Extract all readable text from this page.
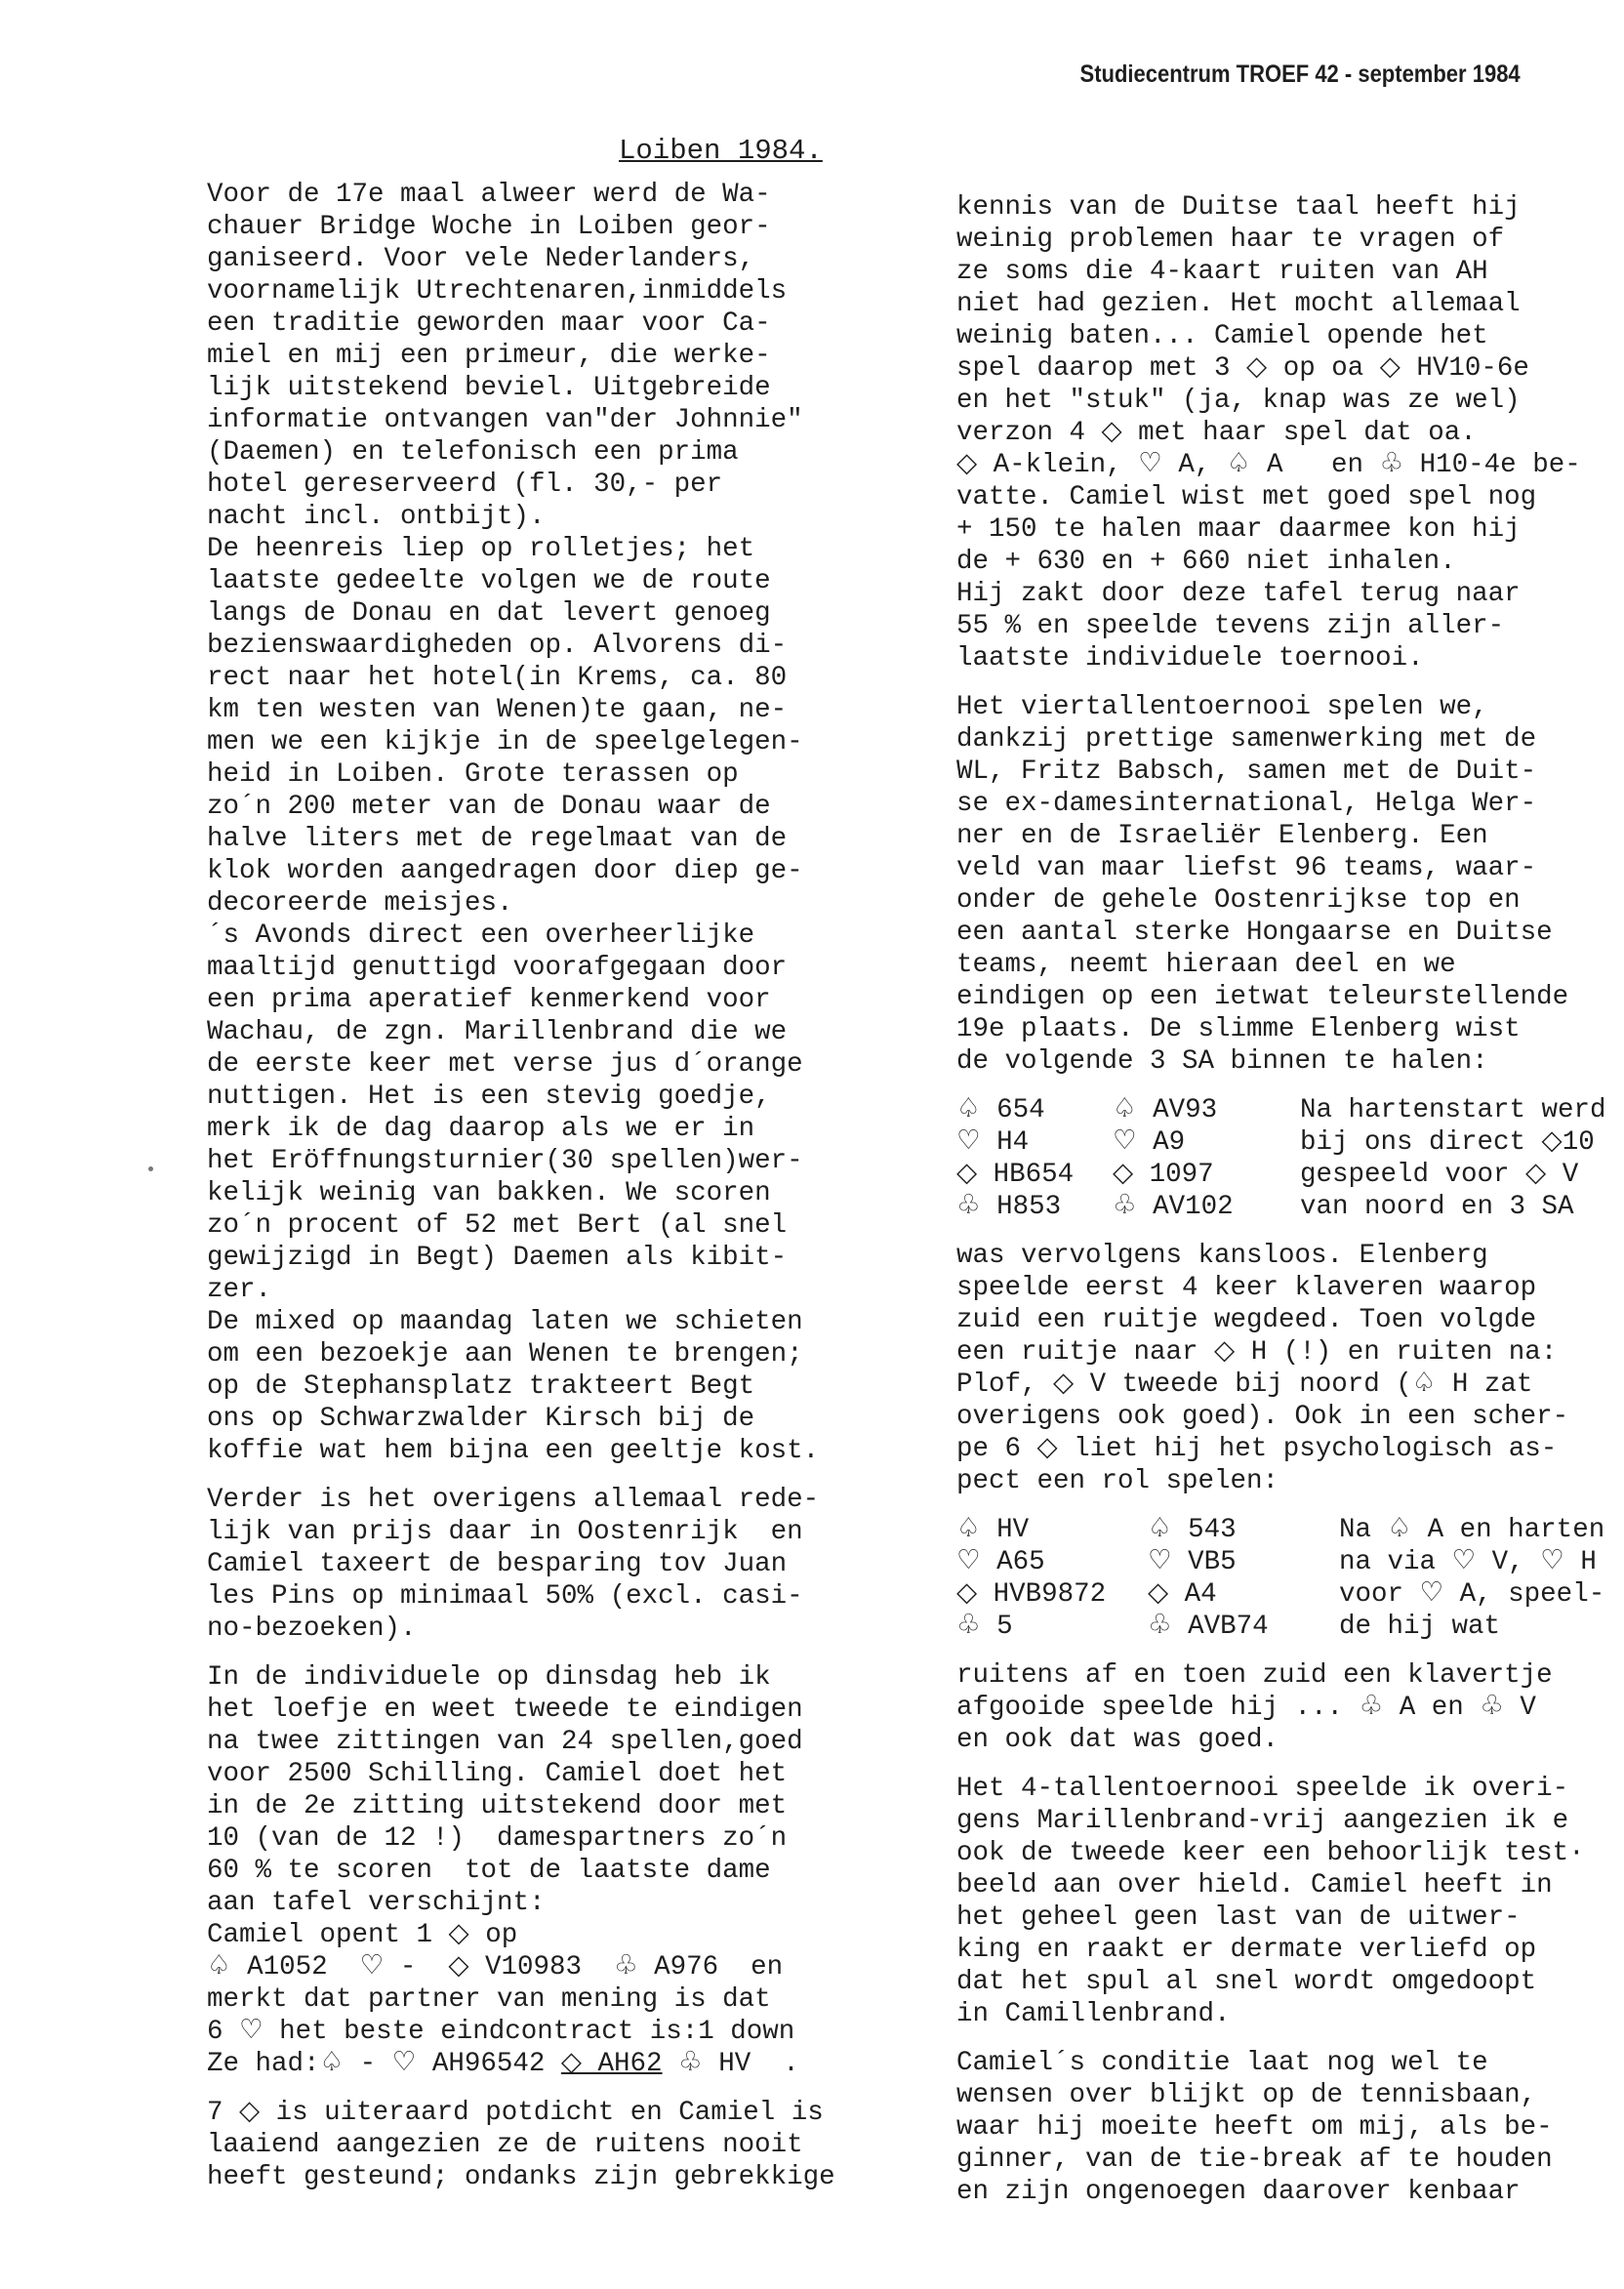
Studiecentrum TROEF 42 - september 1984
Loiben 1984.
Voor de 17e maal alweer werd de Wa-
chauer Bridge Woche in Loiben geor-
ganiseerd. Voor vele Nederlanders,
voornamelijk Utrechtenaren,inmiddels
een traditie geworden maar voor Ca-
miel en mij een primeur, die werke-
lijk uitstekend beviel. Uitgebreide
informatie ontvangen van"der Johnnie"
(Daemen) en telefonisch een prima
hotel gereserveerd (fl. 30,- per
nacht incl. ontbijt).
De heenreis liep op rolletjes; het
laatste gedeelte volgen we de route
langs de Donau en dat levert genoeg
bezienswaardigheden op. Alvorens di-
rect naar het hotel(in Krems, ca. 80
km ten westen van Wenen)te gaan, ne-
men we een kijkje in de speelgelegen-
heid in Loiben. Grote terassen op
zo´n 200 meter van de Donau waar de
halve liters met de regelmaat van de
klok worden aangedragen door diep ge-
decoreerde meisjes.
´s Avonds direct een overheerlijke
maaltijd genuttigd voorafgegaan door
een prima aperatief kenmerkend voor
Wachau, de zgn. Marillenbrand die we
de eerste keer met verse jus d´orange
nuttigen. Het is een stevig goedje,
merk ik de dag daarop als we er in
het Eröffnungsturnier(30 spellen)wer-
kelijk weinig van bakken. We scoren
zo´n procent of 52 met Bert (al snel
gewijzigd in Begt) Daemen als kibit-
zer.
De mixed op maandag laten we schieten
om een bezoekje aan Wenen te brengen;
op de Stephansplatz trakteert Begt
ons op Schwarzwalder Kirsch bij de
koffie wat hem bijna een geeltje kost.
Verder is het overigens allemaal rede-
lijk van prijs daar in Oostenrijk  en
Camiel taxeert de besparing tov Juan
les Pins op minimaal 50% (excl. casi-
no-bezoeken).
In de individuele op dinsdag heb ik
het loefje en weet tweede te eindigen
na twee zittingen van 24 spellen,goed
voor 2500 Schilling. Camiel doet het
in de 2e zitting uitstekend door met
10 (van de 12 !)  damespartners zo´n
60 % te scoren  tot de laatste dame
aan tafel verschijnt:
Camiel opent 1 ◇ op
♤ A1052  ♡ -  ◇ V10983  ♧ A976  en
merkt dat partner van mening is dat
6 ♡ het beste eindcontract is:1 down
Ze had:♤ - ♡ AH96542 ◇ AH62 ♧ HV  .
7 ◇ is uiteraard potdicht en Camiel is
laaiend aangezien ze de ruitens nooit
heeft gesteund; ondanks zijn gebrekkige
kennis van de Duitse taal heeft hij
weinig problemen haar te vragen of
ze soms die 4-kaart ruiten van AH
niet had gezien. Het mocht allemaal
weinig baten... Camiel opende het
spel daarop met 3 ◇ op oa ◇ HV10-6e
en het "stuk" (ja, knap was ze wel)
verzon 4 ◇ met haar spel dat oa.
◇ A-klein, ♡ A, ♤ A   en ♧ H10-4e be-
vatte. Camiel wist met goed spel nog
+ 150 te halen maar daarmee kon hij
de + 630 en + 660 niet inhalen.
Hij zakt door deze tafel terug naar
55 % en speelde tevens zijn aller-
laatste individuele toernooi.
Het viertallentoernooi spelen we,
dankzij prettige samenwerking met de
WL, Fritz Babsch, samen met de Duit-
se ex-damesinternational, Helga Wer-
ner en de Israeliër Elenberg. Een
veld van maar liefst 96 teams, waar-
onder de gehele Oostenrijkse top en
een aantal sterke Hongaarse en Duitse
teams, neemt hieraan deel en we
eindigen op een ietwat teleurstellende
19e plaats. De slimme Elenberg wist
de volgende 3 SA binnen te halen:
♤ 654
♡ H4
◇ HB654
♧ H853
♤ AV93
♡ A9
◇ 1097
♧ AV102
Na hartenstart werd
bij ons direct ◇10
gespeeld voor ◇ V
van noord en 3 SA
was vervolgens kansloos. Elenberg
speelde eerst 4 keer klaveren waarop
zuid een ruitje wegdeed. Toen volgde
een ruitje naar ◇ H (!) en ruiten na:
Plof, ◇ V tweede bij noord (♤ H zat
overigens ook goed). Ook in een scher-
pe 6 ◇ liet hij het psychologisch as-
pect een rol spelen:
♤ HV
♡ A65
◇ HVB9872
♧ 5
♤ 543
♡ VB5
◇ A4
♧ AVB74
Na ♤ A en harten
na via ♡ V, ♡ H
voor ♡ A, speel-
de hij wat
ruitens af en toen zuid een klavertje
afgooide speelde hij ... ♧ A en ♧ V
en ook dat was goed.
Het 4-tallentoernooi speelde ik overi-
gens Marillenbrand-vrij aangezien ik e
ook de tweede keer een behoorlijk test·
beeld aan over hield. Camiel heeft in
het geheel geen last van de uitwer-
king en raakt er dermate verliefd op
dat het spul al snel wordt omgedoopt
in Camillenbrand.
Camiel´s conditie laat nog wel te
wensen over blijkt op de tennisbaan,
waar hij moeite heeft om mij, als be-
ginner, van de tie-break af te houden
en zijn ongenoegen daarover kenbaar
